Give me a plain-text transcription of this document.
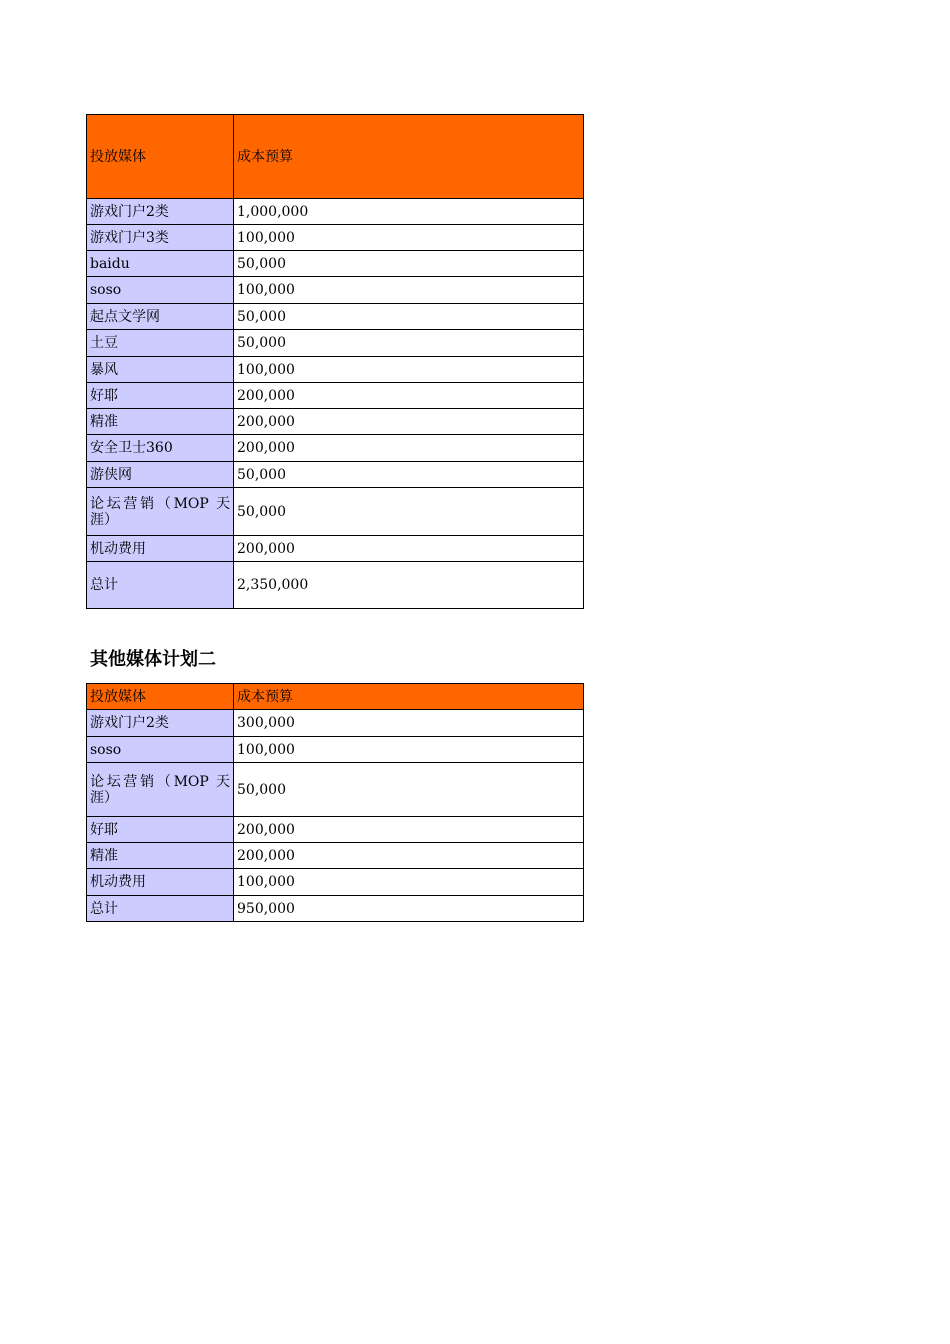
投放媒体	成本预算
游戏门户2类	1,000,000
游戏门户3类	100,000
baidu	50,000
soso	100,000
起点文学网	50,000
土豆	50,000
暴风	100,000
好耶	200,000
精准	200,000
安全卫士360	200,000
游侠网	50,000

论坛营销（MOP 天涯）	50,000
机动费用	200,000
总计	2,350,000
其他媒体计划二
投放媒体	成本预算
游戏门户2类	300,000
soso	100,000

论坛营销（MOP 天涯）	50,000
好耶	200,000
精准	200,000
机动费用	100,000
总计	950,000
